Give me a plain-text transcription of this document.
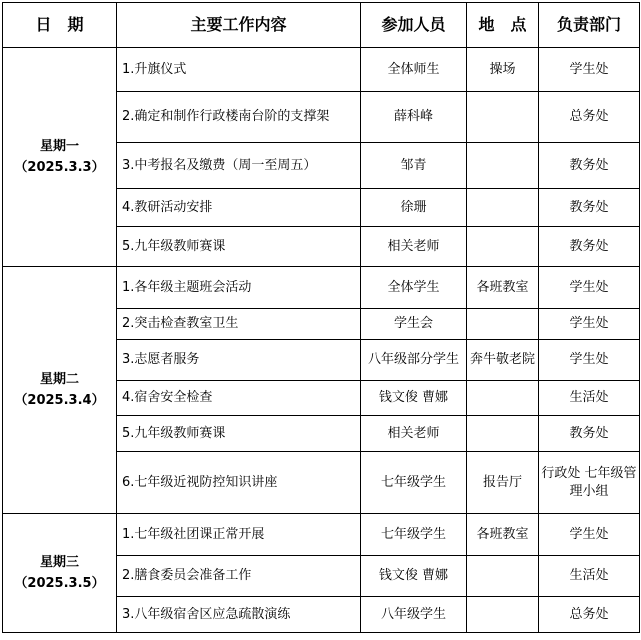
日　期	主要工作内容	参加人员	地　点	负责部门

星期一
（2025.3.3）	1.升旗仪式	全体师生	操场	学生处
	2.确定和制作行政楼南台阶的支撑架	薛科峰		总务处
	3.中考报名及缴费（周一至周五）	邹青		教务处
	4.教研活动安排	徐珊		教务处
	5.九年级教师赛课	相关老师		教务处

星期二
（2025.3.4）	1.各年级主题班会活动	全体学生	各班教室	学生处
	2.突击检查教室卫生	学生会		学生处
	3.志愿者服务	八年级部分学生	奔牛敬老院	学生处
	4.宿舍安全检查	钱文俊 曹娜		生活处
	5.九年级教师赛课	相关老师		教务处
	6.七年级近视防控知识讲座	七年级学生	报告厅	行政处 七年级管理小组

星期三
（2025.3.5）	1.七年级社团课正常开展	七年级学生	各班教室	学生处
	2.膳食委员会准备工作	钱文俊 曹娜		生活处
	3.八年级宿舍区应急疏散演练	八年级学生		总务处
